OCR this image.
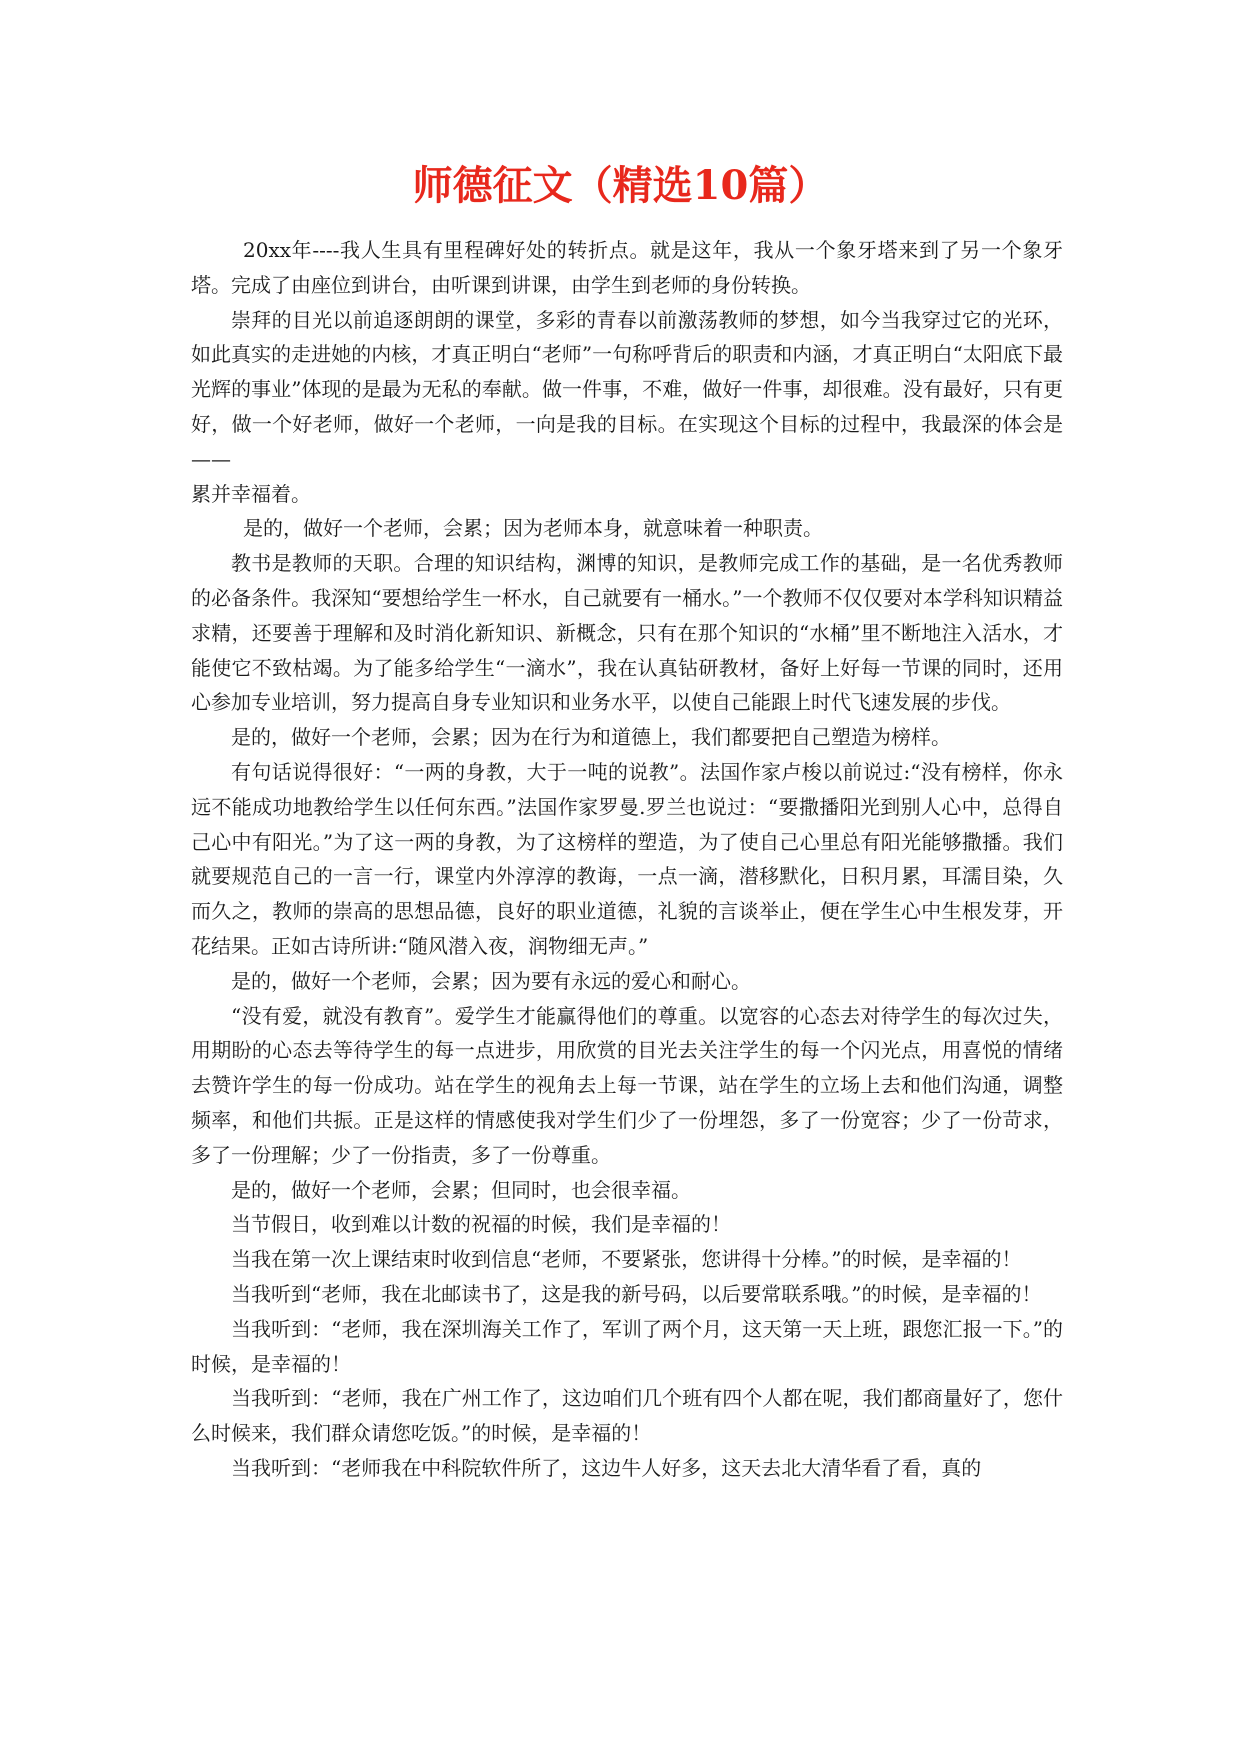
师德征文（精选10篇）

20xx年----我人生具有里程碑好处的转折点。就是这年，我从一个象牙塔来到了另一个象牙塔。完成了由座位到讲台，由听课到讲课，由学生到老师的身份转换。

崇拜的目光以前追逐朗朗的课堂，多彩的青春以前激荡教师的梦想，如今当我穿过它的光环，如此真实的走进她的内核，才真正明白“老师”一句称呼背后的职责和内涵，才真正明白“太阳底下最光辉的事业”体现的是最为无私的奉献。做一件事，不难，做好一件事，却很难。没有最好，只有更好，做一个好老师，做好一个老师，一向是我的目标。在实现这个目标的过程中，我最深的体会是——

累并幸福着。

是的，做好一个老师，会累；因为老师本身，就意味着一种职责。

教书是教师的天职。合理的知识结构，渊博的知识，是教师完成工作的基础，是一名优秀教师的必备条件。我深知“要想给学生一杯水，自己就要有一桶水。”一个教师不仅仅要对本学科知识精益求精，还要善于理解和及时消化新知识、新概念，只有在那个知识的“水桶”里不断地注入活水，才能使它不致枯竭。为了能多给学生“一滴水”，我在认真钻研教材，备好上好每一节课的同时，还用心参加专业培训，努力提高自身专业知识和业务水平，以使自己能跟上时代飞速发展的步伐。

是的，做好一个老师，会累；因为在行为和道德上，我们都要把自己塑造为榜样。

有句话说得很好：“一两的身教，大于一吨的说教”。法国作家卢梭以前说过:“没有榜样，你永远不能成功地教给学生以任何东西。”法国作家罗曼.罗兰也说过：“要撒播阳光到别人心中，总得自己心中有阳光。”为了这一两的身教，为了这榜样的塑造，为了使自己心里总有阳光能够撒播。我们就要规范自己的一言一行，课堂内外淳淳的教诲，一点一滴，潜移默化，日积月累，耳濡目染，久而久之，教师的崇高的思想品德，良好的职业道德，礼貌的言谈举止，便在学生心中生根发芽，开花结果。正如古诗所讲:“随风潜入夜，润物细无声。”

是的，做好一个老师，会累；因为要有永远的爱心和耐心。

“没有爱，就没有教育”。爱学生才能赢得他们的尊重。以宽容的心态去对待学生的每次过失，用期盼的心态去等待学生的每一点进步，用欣赏的目光去关注学生的每一个闪光点，用喜悦的情绪去赞许学生的每一份成功。站在学生的视角去上每一节课，站在学生的立场上去和他们沟通，调整频率，和他们共振。正是这样的情感使我对学生们少了一份埋怨，多了一份宽容；少了一份苛求，多了一份理解；少了一份指责，多了一份尊重。

是的，做好一个老师，会累；但同时，也会很幸福。

当节假日，收到难以计数的祝福的时候，我们是幸福的！

当我在第一次上课结束时收到信息“老师，不要紧张，您讲得十分棒。”的时候，是幸福的！

当我听到“老师，我在北邮读书了，这是我的新号码，以后要常联系哦。”的时候，是幸福的！

当我听到：“老师，我在深圳海关工作了，军训了两个月，这天第一天上班，跟您汇报一下。”的时候，是幸福的！

当我听到：“老师，我在广州工作了，这边咱们几个班有四个人都在呢，我们都商量好了，您什么时候来，我们群众请您吃饭。”的时候，是幸福的！

当我听到：“老师我在中科院软件所了，这边牛人好多，这天去北大清华看了看，真的
